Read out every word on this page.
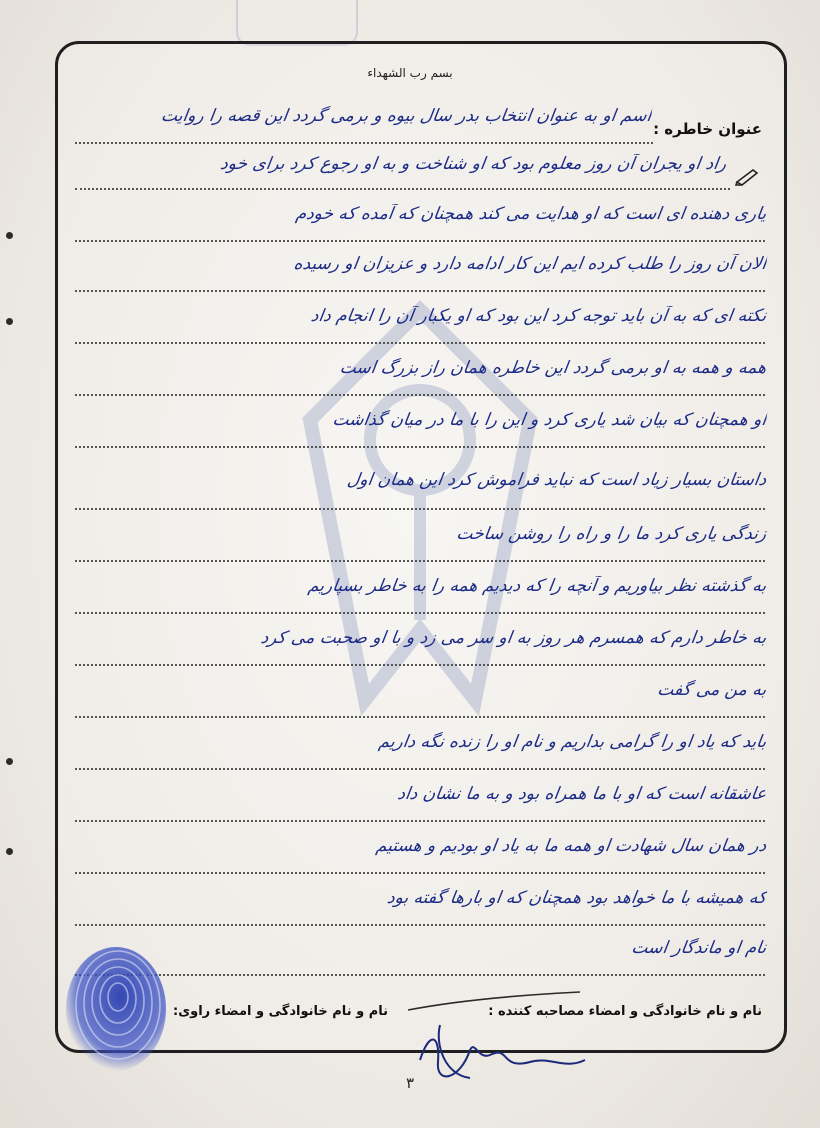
بسم رب الشهداء
عنوان خاطره :
اسم او به عنوان انتخاب بدر سال بیوه و برمی گردد این قصه را روایت
راد او یجران آن روز معلوم بود که او شناخت و به او رجوع کرد برای خود
یاری دهنده ای است که او هدایت می کند همچنان که آمده که خودم
الان آن روز را طلب کرده ایم این کار ادامه دارد و عزیزان او رسیده
نکته ای که به آن باید توجه کرد این بود که او یکبار آن را انجام داد
همه و همه به او برمی گردد این خاطره همان راز بزرگ است
او همچنان که بیان شد یاری کرد و این را با ما در میان گذاشت
داستان بسیار زیاد است که نباید فراموش کرد این همان اول
زندگی یاری کرد ما را و راه را روشن ساخت
به گذشته نظر بیاوریم و آنچه را که دیدیم همه را به خاطر بسپاریم
به خاطر دارم که همسرم هر روز به او سر می زد و با او صحبت می کرد
به من می گفت
باید که یاد او را گرامی بداریم و نام او را زنده نگه داریم
عاشقانه است که او با ما همراه بود و به ما نشان داد
در همان سال شهادت او همه ما به یاد او بودیم و هستیم
که همیشه با ما خواهد بود همچنان که او بارها گفته بود
نام او ماندگار است
نام و نام خانوادگی و امضاء مصاحبه کننده :
نام و نام خانوادگی و امضاء راوی:
۳
